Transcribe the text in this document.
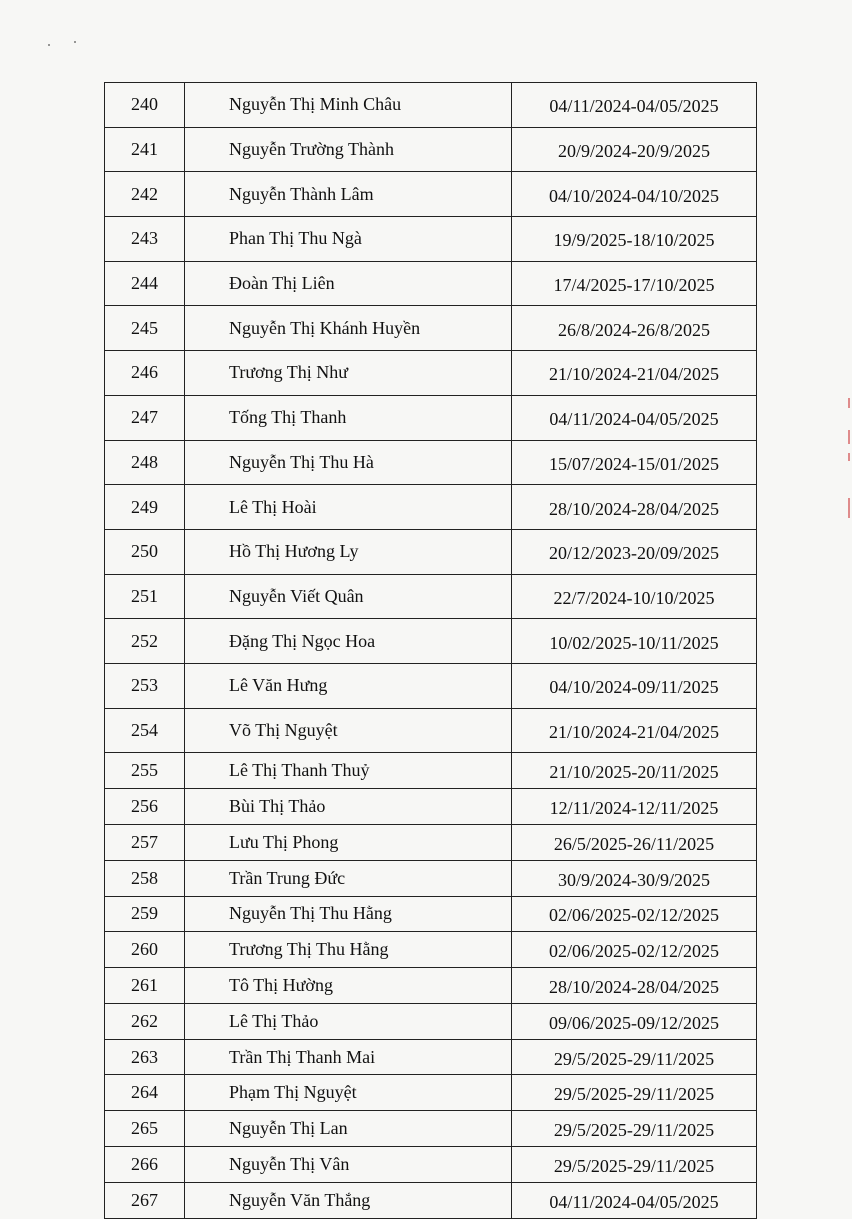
240	Nguyễn Thị Minh Châu	04/11/2024-04/05/2025
241	Nguyễn Trường Thành	20/9/2024-20/9/2025
242	Nguyễn Thành Lâm	04/10/2024-04/10/2025
243	Phan Thị Thu Ngà	19/9/2025-18/10/2025
244	Đoàn Thị Liên	17/4/2025-17/10/2025
245	Nguyễn Thị Khánh Huyền	26/8/2024-26/8/2025
246	Trương Thị Như	21/10/2024-21/04/2025
247	Tống Thị Thanh	04/11/2024-04/05/2025
248	Nguyễn Thị Thu Hà	15/07/2024-15/01/2025
249	Lê Thị Hoài	28/10/2024-28/04/2025
250	Hồ Thị Hương Ly	20/12/2023-20/09/2025
251	Nguyễn Viết Quân	22/7/2024-10/10/2025
252	Đặng Thị Ngọc Hoa	10/02/2025-10/11/2025
253	Lê Văn Hưng	04/10/2024-09/11/2025
254	Võ Thị Nguyệt	21/10/2024-21/04/2025
255	Lê Thị Thanh Thuỷ	21/10/2025-20/11/2025
256	Bùi Thị Thảo	12/11/2024-12/11/2025
257	Lưu Thị Phong	26/5/2025-26/11/2025
258	Trần Trung Đức	30/9/2024-30/9/2025
259	Nguyễn Thị Thu Hằng	02/06/2025-02/12/2025
260	Trương Thị Thu Hằng	02/06/2025-02/12/2025
261	Tô Thị Hường	28/10/2024-28/04/2025
262	Lê Thị Thảo	09/06/2025-09/12/2025
263	Trần Thị Thanh Mai	29/5/2025-29/11/2025
264	Phạm Thị Nguyệt	29/5/2025-29/11/2025
265	Nguyễn Thị Lan	29/5/2025-29/11/2025
266	Nguyễn Thị Vân	29/5/2025-29/11/2025
267	Nguyễn Văn Thắng	04/11/2024-04/05/2025
